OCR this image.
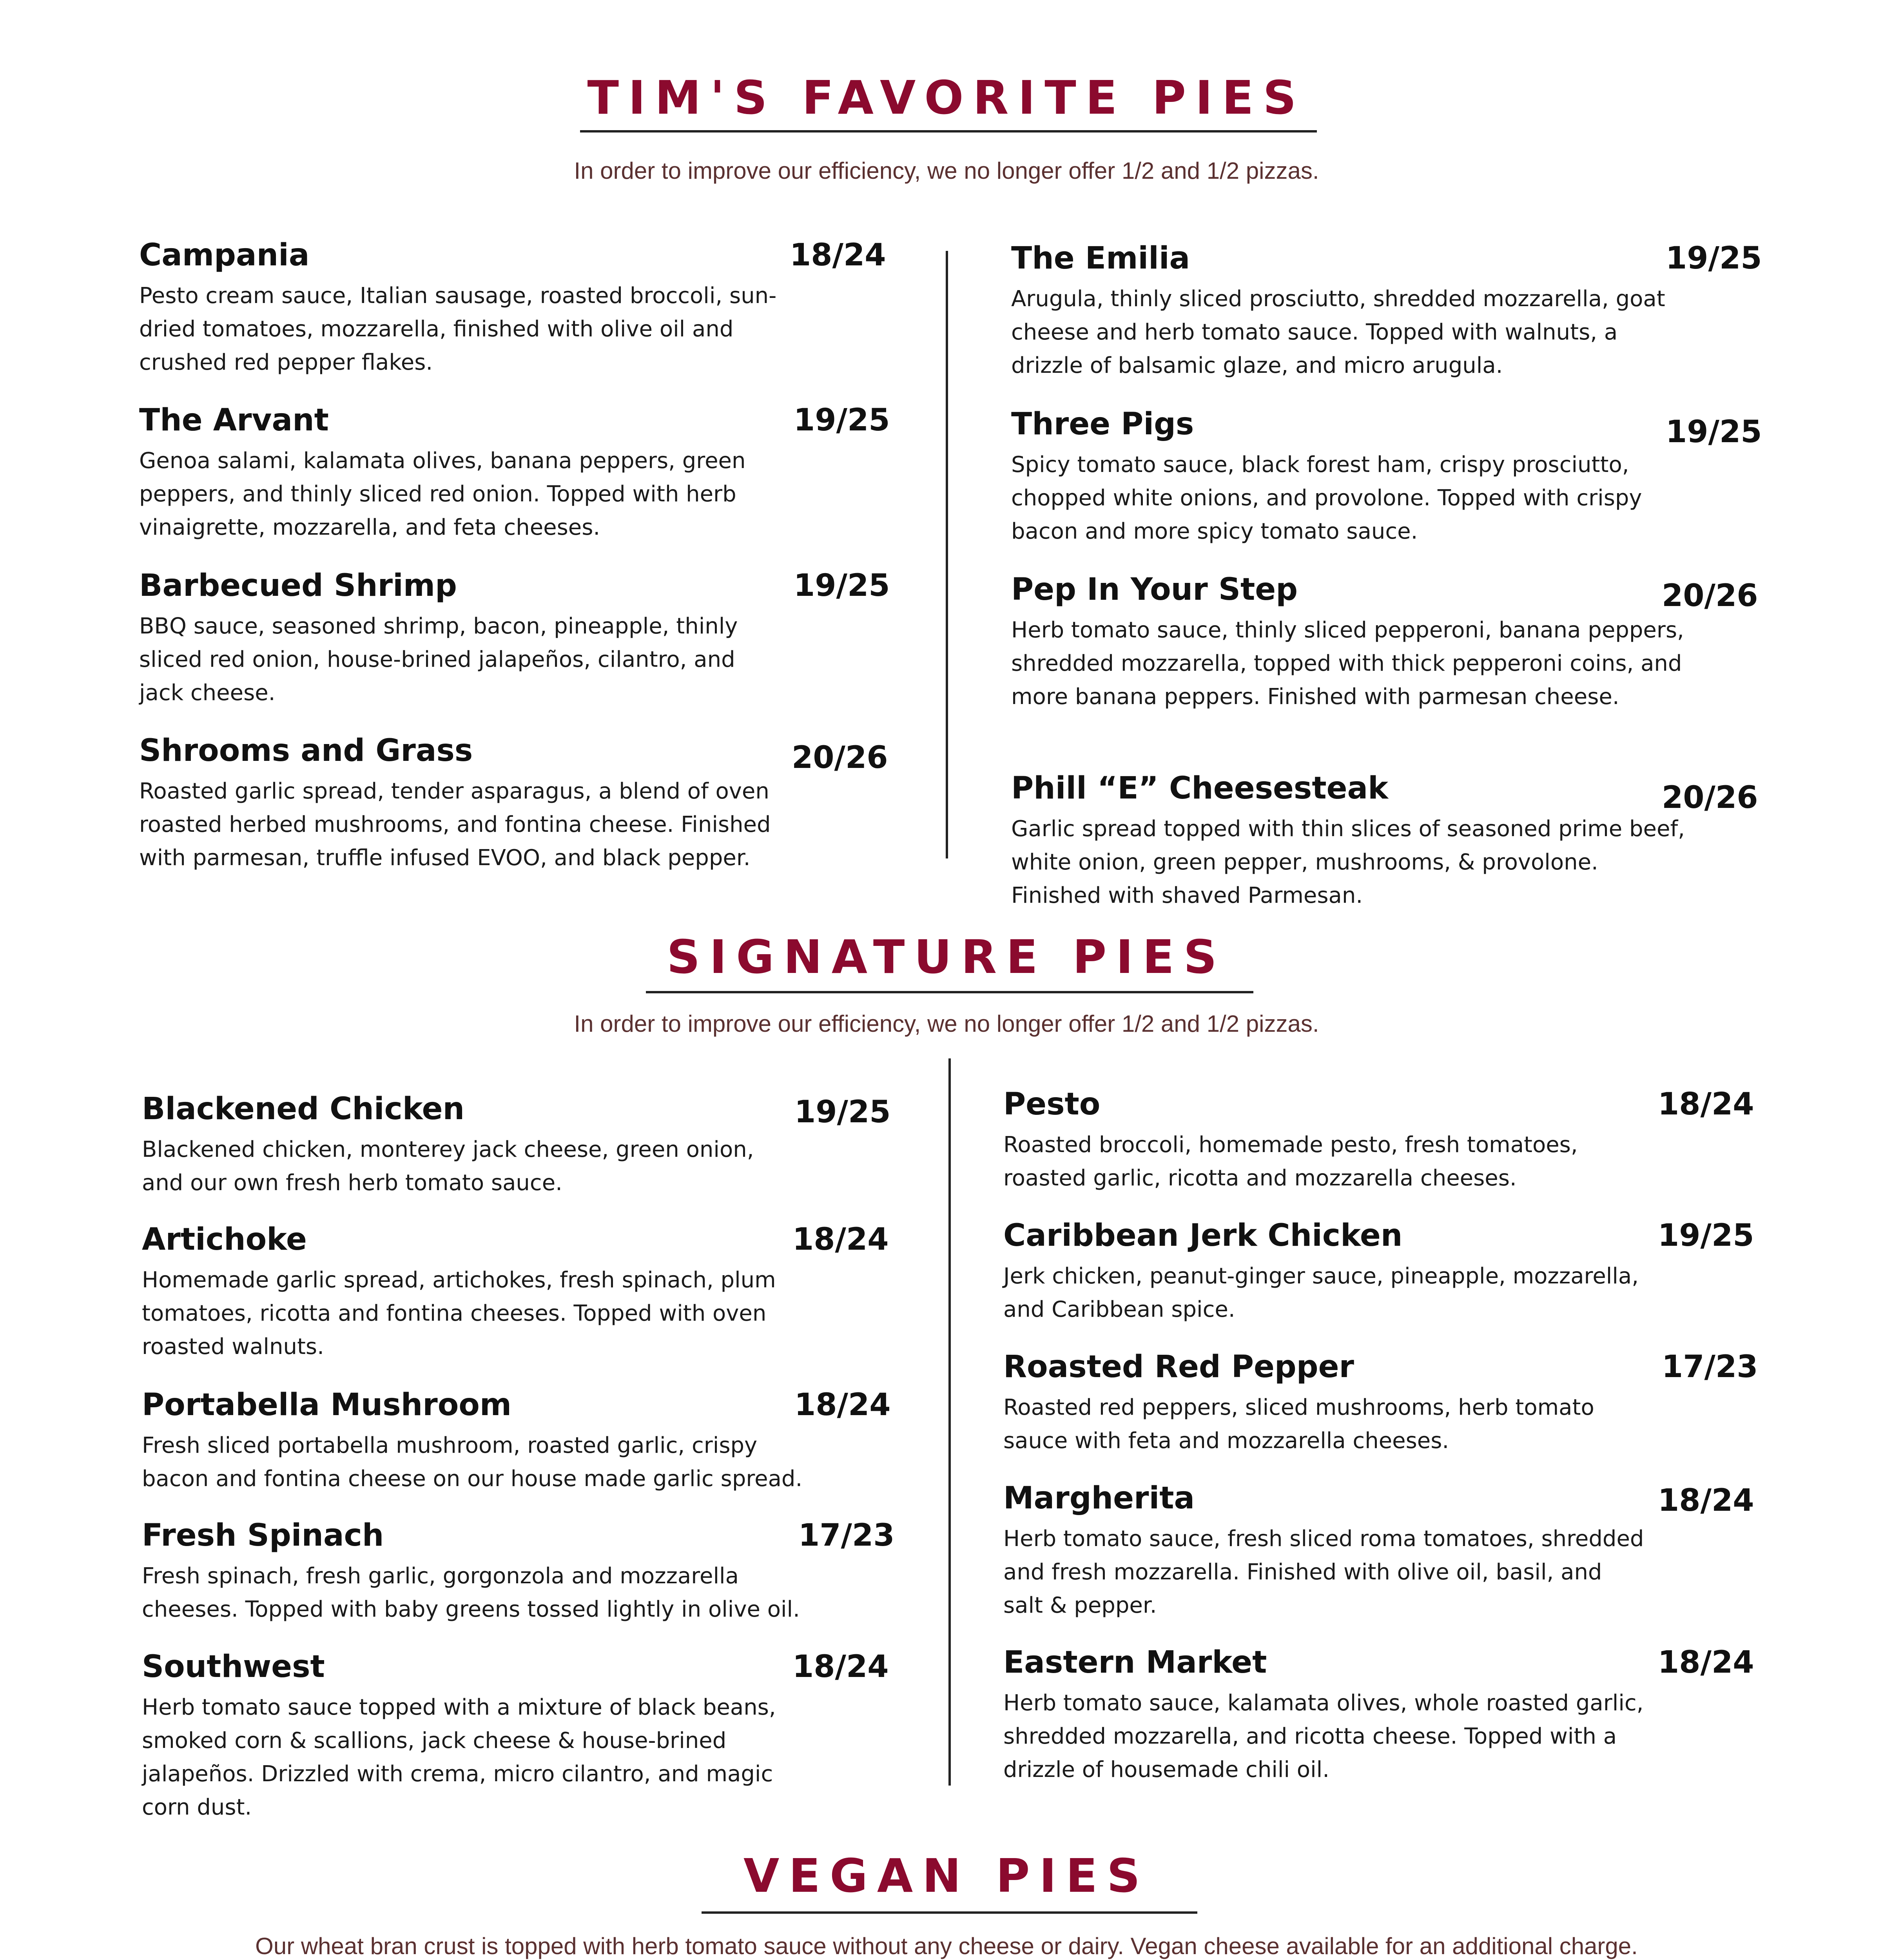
TIM'S FAVORITE PIES
In order to improve our efficiency, we no longer offer 1/2 and 1/2 pizzas.
Campania	18/24
Pesto cream sauce, Italian sausage, roasted broccoli, sun-dried tomatoes, mozzarella, finished with olive oil and crushed red pepper flakes.
The Arvant	19/25
Genoa salami, kalamata olives, banana peppers, green peppers, and thinly sliced red onion. Topped with herb vinaigrette, mozzarella, and feta cheeses.
Barbecued Shrimp	19/25
BBQ sauce, seasoned shrimp, bacon, pineapple, thinly sliced red onion, house-brined jalapeños, cilantro, and jack cheese.
Shrooms and Grass	20/26
Roasted garlic spread, tender asparagus, a blend of oven roasted herbed mushrooms, and fontina cheese. Finished with parmesan, truffle infused EVOO, and black pepper.
The Emilia	19/25
Arugula, thinly sliced prosciutto, shredded mozzarella, goat cheese and herb tomato sauce. Topped with walnuts, a drizzle of balsamic glaze, and micro arugula.
Three Pigs	19/25
Spicy tomato sauce, black forest ham, crispy prosciutto, chopped white onions, and provolone. Topped with crispy bacon and more spicy tomato sauce.
Pep In Your Step	20/26
Herb tomato sauce, thinly sliced pepperoni, banana peppers, shredded mozzarella, topped with thick pepperoni coins, and more banana peppers. Finished with parmesan cheese.
Phill “E” Cheesesteak	20/26
Garlic spread topped with thin slices of seasoned prime beef, white onion, green pepper, mushrooms, & provolone. Finished with shaved Parmesan.
SIGNATURE PIES
In order to improve our efficiency, we no longer offer 1/2 and 1/2 pizzas.
Blackened Chicken	19/25
Blackened chicken, monterey jack cheese, green onion, and our own fresh herb tomato sauce.
Artichoke	18/24
Homemade garlic spread, artichokes, fresh spinach, plum tomatoes, ricotta and fontina cheeses. Topped with oven roasted walnuts.
Portabella Mushroom	18/24
Fresh sliced portabella mushroom, roasted garlic, crispy bacon and fontina cheese on our house made garlic spread.
Fresh Spinach	17/23
Fresh spinach, fresh garlic, gorgonzola and mozzarella cheeses. Topped with baby greens tossed lightly in olive oil.
Southwest	18/24
Herb tomato sauce topped with a mixture of black beans, smoked corn & scallions, jack cheese & house-brined jalapeños. Drizzled with crema, micro cilantro, and magic corn dust.
Pesto	18/24
Roasted broccoli, homemade pesto, fresh tomatoes, roasted garlic, ricotta and mozzarella cheeses.
Caribbean Jerk Chicken	19/25
Jerk chicken, peanut-ginger sauce, pineapple, mozzarella, and Caribbean spice.
Roasted Red Pepper	17/23
Roasted red peppers, sliced mushrooms, herb tomato sauce with feta and mozzarella cheeses.
Margherita	18/24
Herb tomato sauce, fresh sliced roma tomatoes, shredded and fresh mozzarella. Finished with olive oil, basil, and salt & pepper.
Eastern Market	18/24
Herb tomato sauce, kalamata olives, whole roasted garlic, shredded mozzarella, and ricotta cheese. Topped with a drizzle of housemade chili oil.
VEGAN PIES
Our wheat bran crust is topped with herb tomato sauce without any cheese or dairy. Vegan cheese available for an additional charge.
